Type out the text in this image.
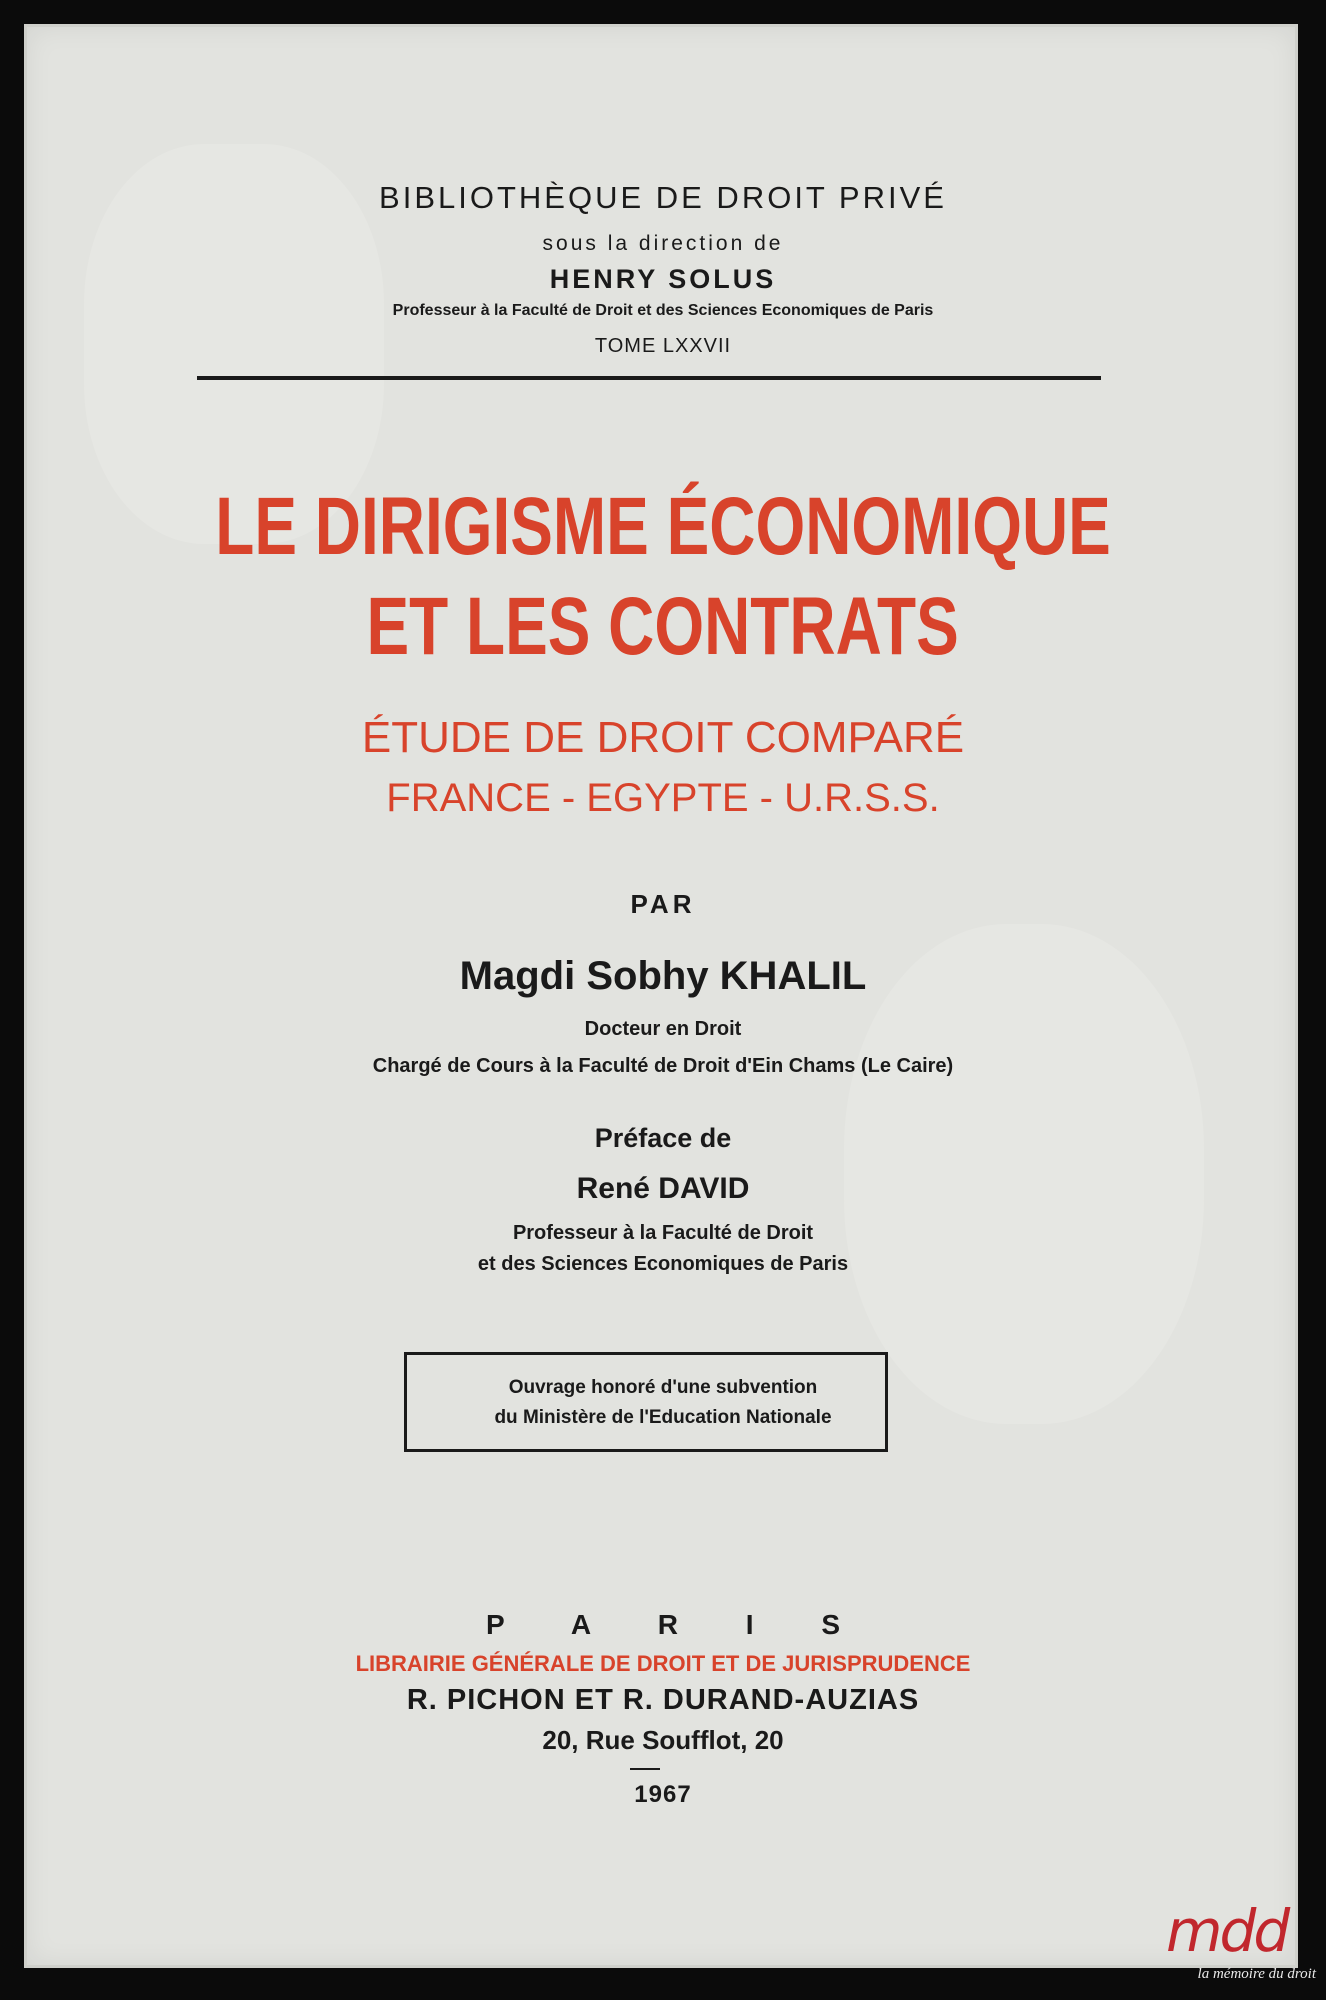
BIBLIOTHÈQUE DE DROIT PRIVÉ
sous la direction de
HENRY SOLUS
Professeur à la Faculté de Droit et des Sciences Economiques de Paris
TOME LXXVII
LE DIRIGISME ÉCONOMIQUE
ET LES CONTRATS
ÉTUDE DE DROIT COMPARÉ
FRANCE - EGYPTE - U.R.S.S.
PAR
Magdi Sobhy KHALIL
Docteur en Droit
Chargé de Cours à la Faculté de Droit d'Ein Chams (Le Caire)
Préface de
René DAVID
Professeur à la Faculté de Droit
et des Sciences Economiques de Paris
Ouvrage honoré d'une subvention
du Ministère de l'Education Nationale
P A R I S
LIBRAIRIE GÉNÉRALE DE DROIT ET DE JURISPRUDENCE
R. PICHON ET R. DURAND-AUZIAS
20, Rue Soufflot, 20
1967
mdd
la mémoire du droit
